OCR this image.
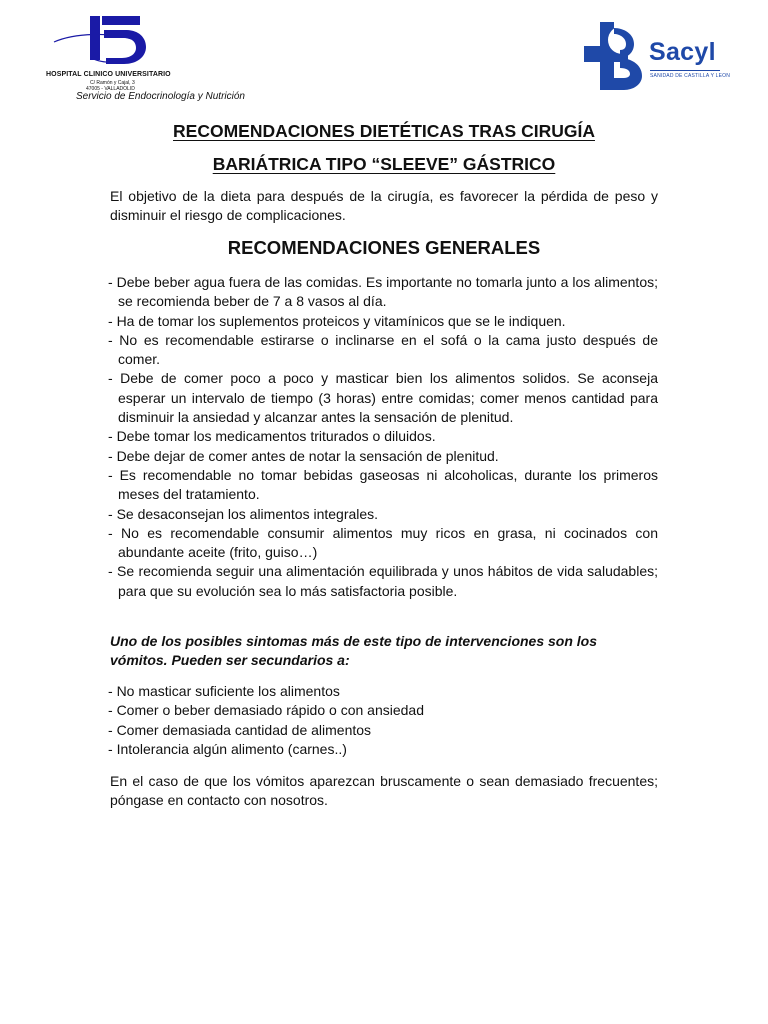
HOSPITAL CLINICO UNIVERSITARIO
C/ Ramón y Cajal, 3
47005 - VALLADOLID
Servicio de Endocrinología y Nutrición
Sacyl
SANIDAD DE CASTILLA Y LEON
RECOMENDACIONES DIETÉTICAS TRAS CIRUGÍA
BARIÁTRICA TIPO “SLEEVE” GÁSTRICO

El objetivo de la dieta para después de la cirugía, es favorecer la pérdida de peso y disminuir el riesgo de complicaciones.

RECOMENDACIONES GENERALES
- Debe beber agua fuera de las comidas. Es importante no tomarla junto a los alimentos; se recomienda beber de 7 a 8 vasos al día.
- Ha de tomar los suplementos proteicos y vitamínicos que se le indiquen.
- No es recomendable estirarse o inclinarse en el sofá o la cama justo después de comer.
- Debe de comer poco a poco y masticar bien los alimentos solidos. Se aconseja esperar un intervalo de tiempo (3 horas) entre comidas; comer menos cantidad para disminuir la ansiedad y alcanzar antes la sensación de plenitud.
- Debe tomar los medicamentos triturados o diluidos.
- Debe dejar de comer antes de notar la sensación de plenitud.
- Es recomendable no tomar bebidas gaseosas ni alcoholicas, durante los primeros meses del tratamiento.
- Se desaconsejan los alimentos integrales.
- No es recomendable consumir alimentos muy ricos en grasa, ni cocinados con abundante aceite (frito, guiso…)
- Se recomienda seguir una alimentación equilibrada y unos hábitos de vida saludables; para que su evolución sea lo más satisfactoria posible.

Uno de los posibles sintomas más de este tipo de intervenciones son los vómitos. Pueden ser secundarios a:

- No masticar suficiente los alimentos
- Comer o beber demasiado rápido o con ansiedad
- Comer demasiada cantidad de alimentos
- Intolerancia algún alimento (carnes..)

En el caso de que los vómitos aparezcan bruscamente o sean demasiado frecuentes; póngase en contacto con nosotros.
